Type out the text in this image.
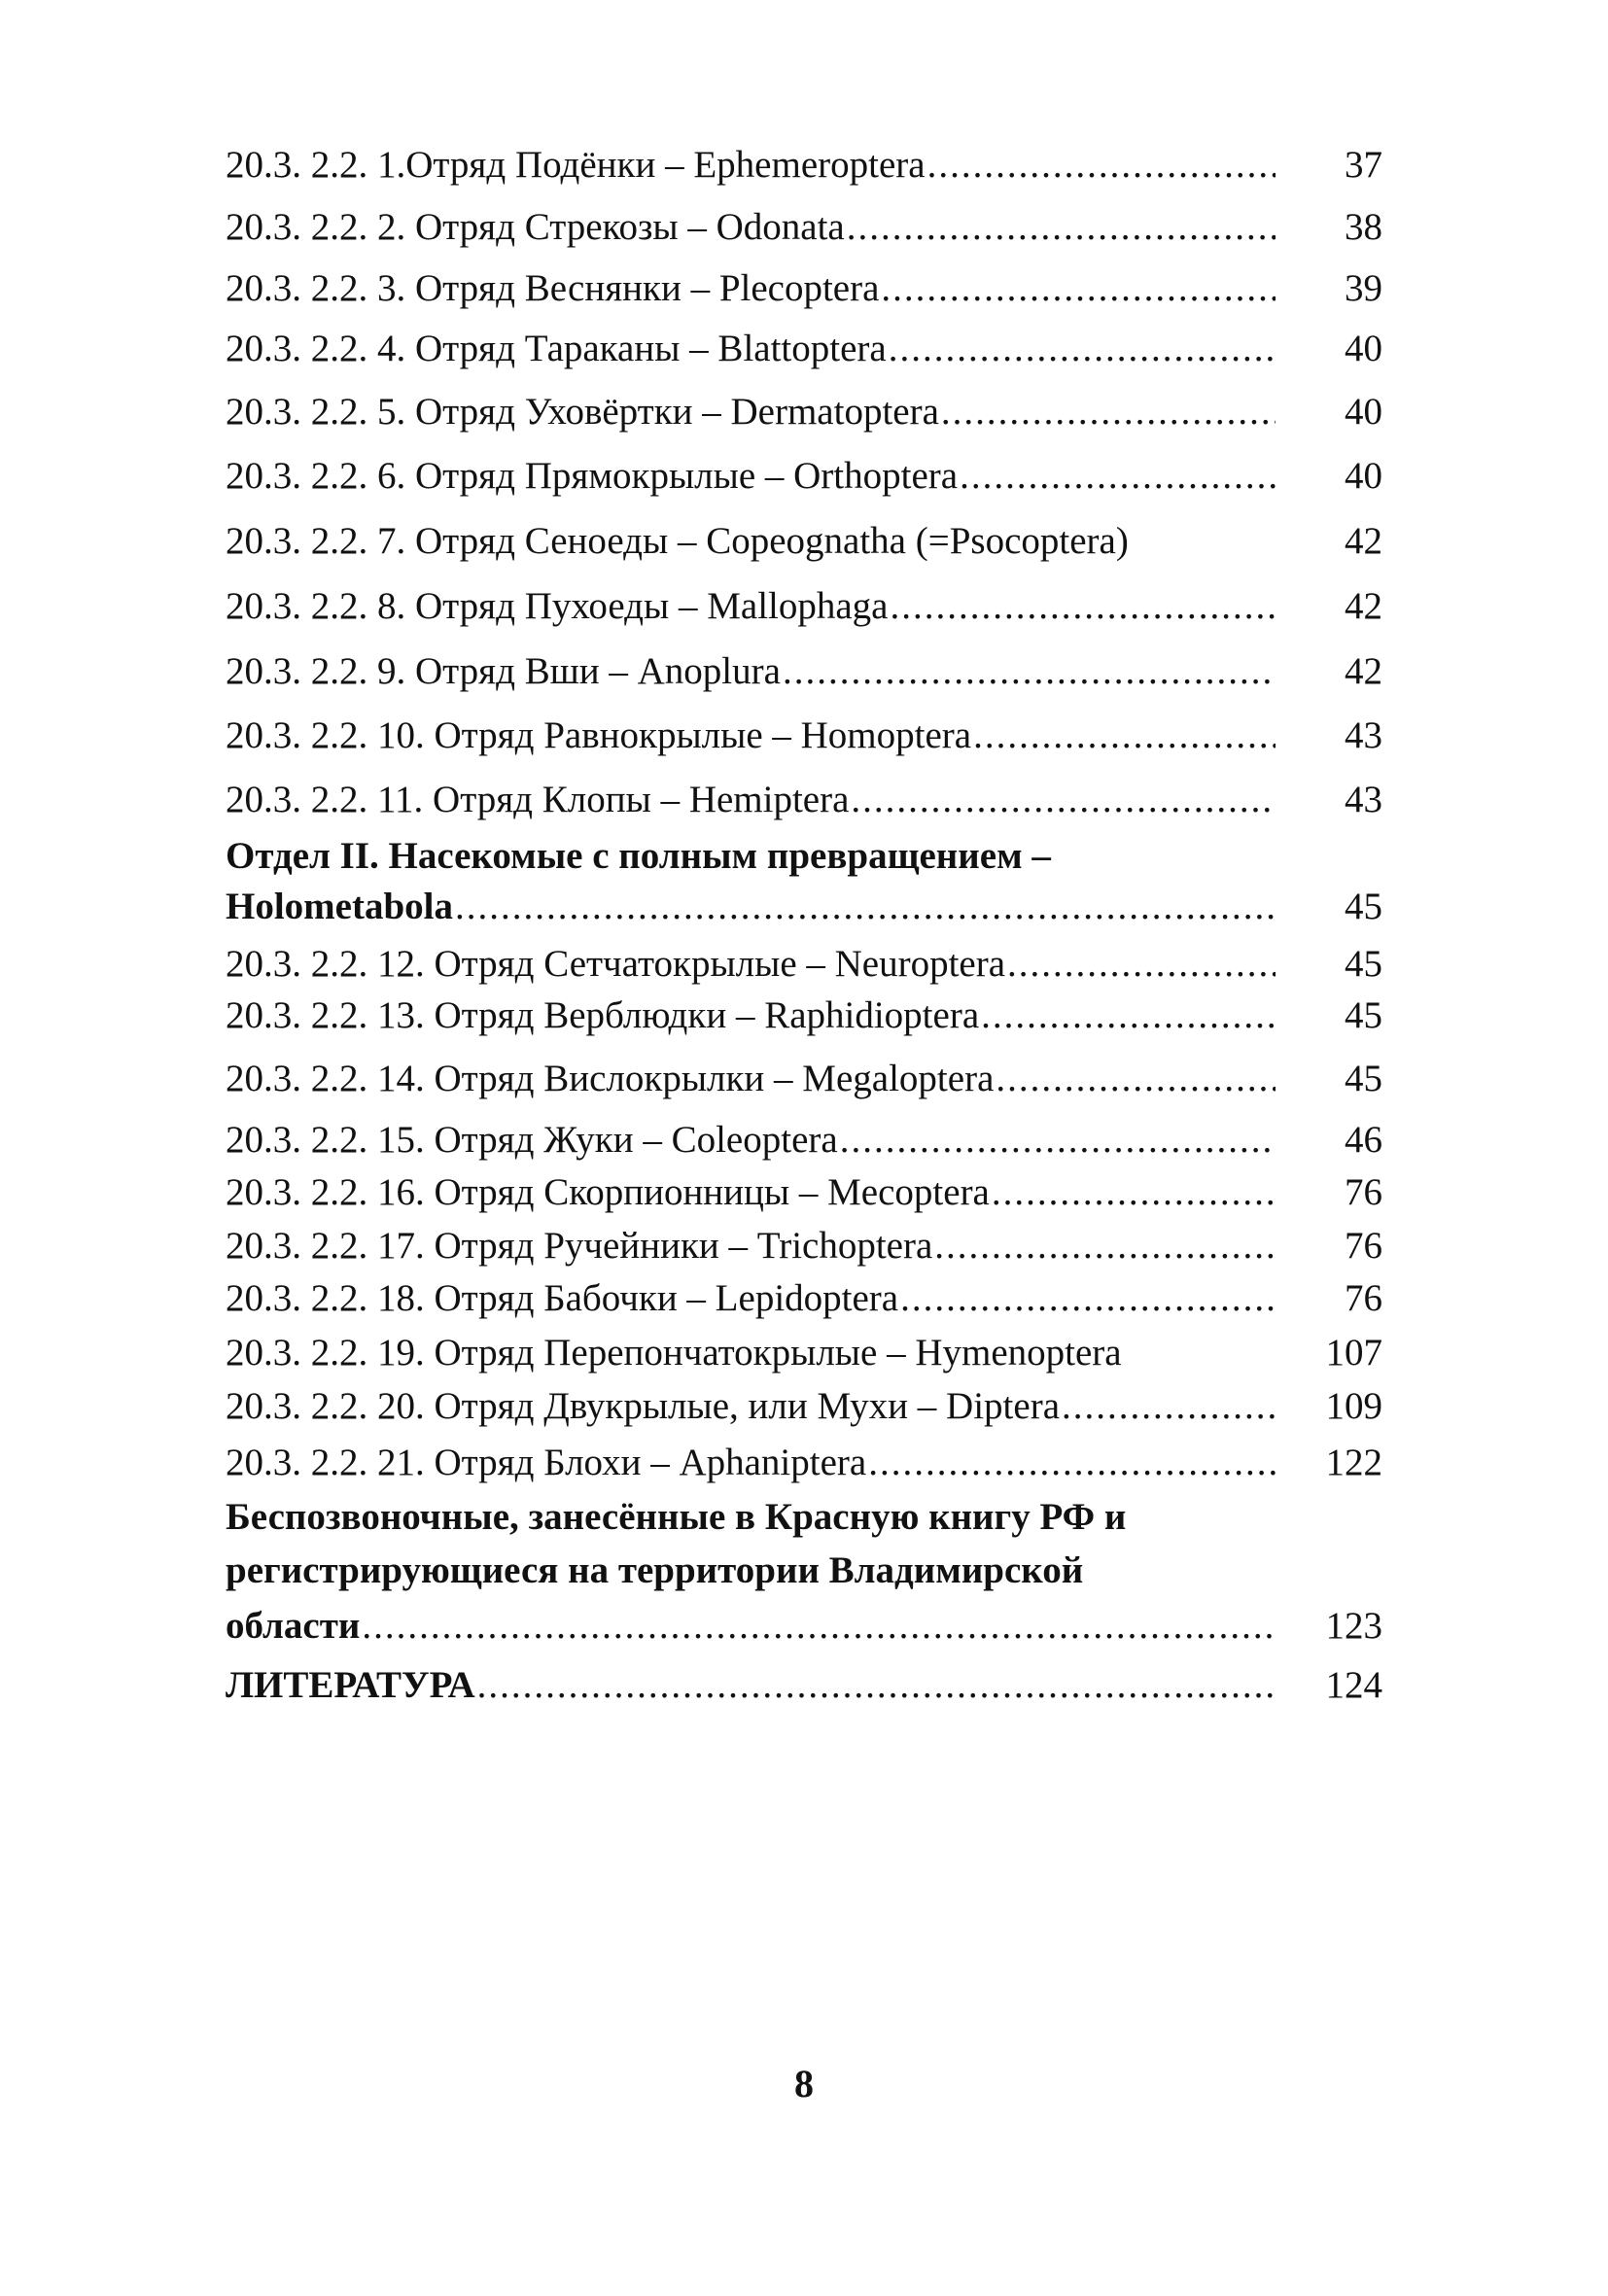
20.3. 2.2. 1.Отряд Подёнки – Ephemeroptera .....	37
20.3. 2.2. 2. Отряд Стрекозы – Odonata .....	38
20.3. 2.2. 3. Отряд Веснянки – Plecoptera .....	39
20.3. 2.2. 4. Отряд Тараканы – Blattoptera .....	40
20.3. 2.2. 5. Отряд Уховёртки – Dermatoptera .....	40
20.3. 2.2. 6. Отряд Прямокрылые – Orthoptera .....	40
20.3. 2.2. 7. Отряд Сеноеды – Copeognatha (=Psocoptera)	42
20.3. 2.2. 8. Отряд Пухоеды – Mallophaga .....	42
20.3. 2.2. 9. Отряд Вши – Anoplura .....	42
20.3. 2.2. 10. Отряд Равнокрылые – Homoptera .....	43
20.3. 2.2. 11. Отряд Клопы – Hemiptera .....	43
Отдел II. Насекомые с полным превращением –
Holometabola .....	45
20.3. 2.2. 12. Отряд Сетчатокрылые – Neuroptera .....	45
20.3. 2.2. 13. Отряд Верблюдки – Raphidioptera .....	45
20.3. 2.2. 14. Отряд Вислокрылки – Megaloptera .....	45
20.3. 2.2. 15. Отряд Жуки – Coleoptera .....	46
20.3. 2.2. 16. Отряд Скорпионницы – Mecoptera .....	76
20.3. 2.2. 17. Отряд Ручейники – Trichoptera .....	76
20.3. 2.2. 18. Отряд Бабочки – Lepidoptera .....	76
20.3. 2.2. 19. Отряд Перепончатокрылые – Hymenoptera	107
20.3. 2.2. 20. Отряд Двукрылые, или Мухи – Diptera .....	109
20.3. 2.2. 21. Отряд Блохи – Aphaniptera .....	122
Беспозвоночные, занесённые в Красную книгу РФ и
регистрирующиеся на территории Владимирской
области .....	123
ЛИТЕРАТУРА .....	124
8
